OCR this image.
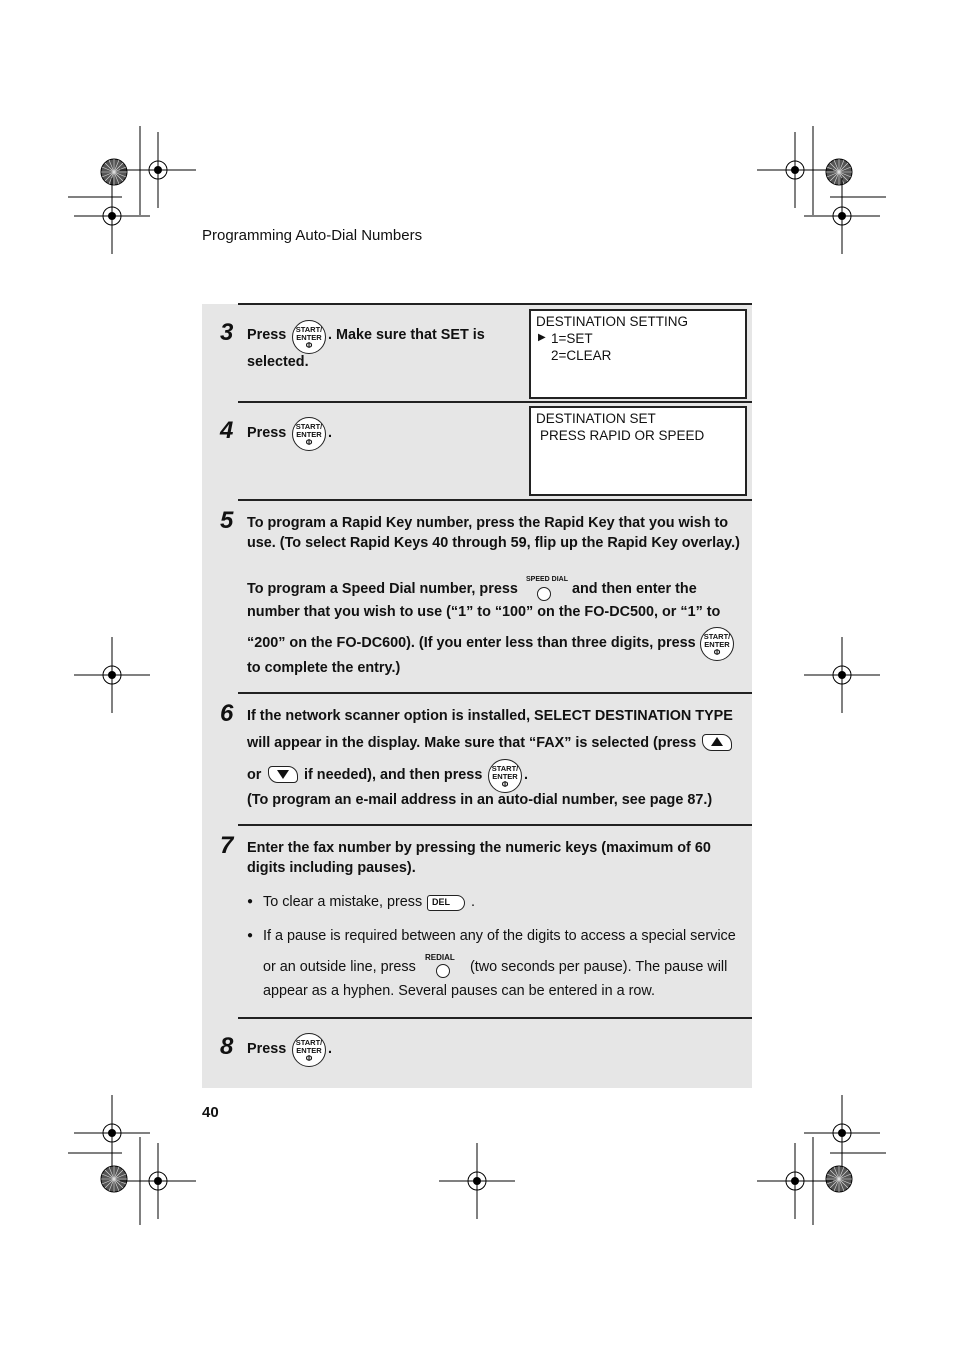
Programming Auto-Dial Numbers
3 Press	START/
ENTER
Φ
. Make sure that SET is
selected.
DESTINATION SETTING
▶ 1=SET
2=CLEAR
4 Press	START/
ENTER
Φ
.
DESTINATION SET
PRESS RAPID OR SPEED
5 To program a Rapid Key number, press the Rapid Key that you wish to
use. (To select Rapid Keys 40 through 59, flip up the Rapid Key overlay.)
To program a Speed Dial number, press
SPEED DIAL
and then enter the
number that you wish to use (“1” to “100” on the FO-DC500, or “1” to
“200” on the FO-DC600). (If you enter less than three digits, press	START/
ENTER
Φ
to complete the entry.)
6 If the network scanner option is installed, SELECT DESTINATION TYPE
will appear in the display. Make sure that “FAX” is selected (press
or	if needed), and then press	START/
ENTER
Φ
.
(To program an e-mail address in an auto-dial number, see page 87.)
7 Enter the fax number by pressing the numeric keys (maximum of 60
digits including pauses).
● To clear a mistake, press	DEL	.
● If a pause is required between any of the digits to access a special service
or an outside line, press
REDIAL
(two seconds per pause). The pause will
appear as a hyphen. Several pauses can be entered in a row.
8 Press	START/
ENTER
Φ
.
40
